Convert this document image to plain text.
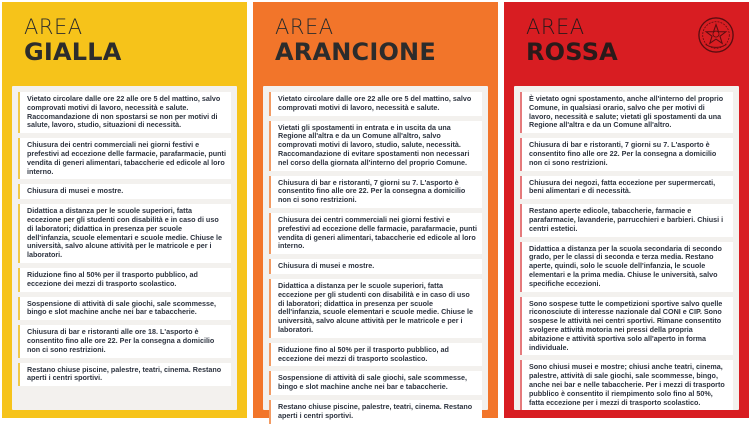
AREA
GIALLA
Vietato circolare dalle ore 22 alle ore 5 del mattino, salvo comprovati motivi di lavoro, necessità e salute. Raccomandazione di non spostarsi se non per motivi di salute, lavoro, studio, situazioni di necessità.
Chiusura dei centri commerciali nei giorni festivi e prefestivi ad eccezione delle farmacie, parafarmacie, punti vendita di generi alimentari, tabaccherie ed edicole al loro interno.
Chiusura di musei e mostre.
Didattica a distanza per le scuole superiori, fatta eccezione per gli studenti con disabilità e in caso di uso di laboratori; didattica in presenza per scuole dell'infanzia, scuole elementari e scuole medie. Chiuse le università, salvo alcune attività per le matricole e per i laboratori.
Riduzione fino al 50% per il trasporto pubblico, ad eccezione dei mezzi di trasporto scolastico.
Sospensione di attività di sale giochi, sale scommesse, bingo e slot machine anche nei bar e tabaccherie.
Chiusura di bar e ristoranti alle ore 18. L'asporto è consentito fino alle ore 22. Per la consegna a domicilio non ci sono restrizioni.
Restano chiuse piscine, palestre, teatri, cinema. Restano aperti i centri sportivi.
AREA
ARANCIONE
Vietato circolare dalle ore 22 alle ore 5 del mattino, salvo comprovati motivi di lavoro, necessità e salute.
Vietati gli spostamenti in entrata e in uscita da una Regione all'altra e da un Comune all'altro, salvo comprovati motivi di lavoro, studio, salute, necessità. Raccomandazione di evitare spostamenti non necessari nel corso della giornata all'interno del proprio Comune.
Chiusura di bar e ristoranti, 7 giorni su 7. L'asporto è consentito fino alle ore 22. Per la consegna a domicilio non ci sono restrizioni.
Chiusura dei centri commerciali nei giorni festivi e prefestivi ad eccezione delle farmacie, parafarmacie, punti vendita di generi alimentari, tabaccherie ed edicole al loro interno.
Chiusura di musei e mostre.
Didattica a distanza per le scuole superiori, fatta eccezione per gli studenti con disabilità e in caso di uso di laboratori; didattica in presenza per scuole dell'infanzia, scuole elementari e scuole medie. Chiuse le università, salvo alcune attività per le matricole e per i laboratori.
Riduzione fino al 50% per il trasporto pubblico, ad eccezione dei mezzi di trasporto scolastico.
Sospensione di attività di sale giochi, sale scommesse, bingo e slot machine anche nei bar e tabaccherie.
Restano chiuse piscine, palestre, teatri, cinema. Restano aperti i centri sportivi.
AREA
ROSSA
È vietato ogni spostamento, anche all'interno del proprio Comune, in qualsiasi orario, salvo che per motivi di lavoro, necessità e salute; vietati gli spostamenti da una Regione all'altra e da un Comune all'altro.
Chiusura di bar e ristoranti, 7 giorni su 7. L'asporto è consentito fino alle ore 22. Per la consegna a domicilio non ci sono restrizioni.
Chiusura dei negozi, fatta eccezione per supermercati, beni alimentari e di necessità.
Restano aperte edicole, tabaccherie, farmacie e parafarmacie, lavanderie, parrucchieri e barbieri. Chiusi i centri estetici.
Didattica a distanza per la scuola secondaria di secondo grado, per le classi di seconda e terza media. Restano aperte, quindi, solo le scuole dell'infanzia, le scuole elementari e la prima media. Chiuse le università, salvo specifiche eccezioni.
Sono sospese tutte le competizioni sportive salvo quelle riconosciute di interesse nazionale dal CONI e CIP. Sono sospese le attività nei centri sportivi. Rimane consentito svolgere attività motoria nei pressi della propria abitazione e attività sportiva solo all'aperto in forma individuale.
Sono chiusi musei e mostre; chiusi anche teatri, cinema, palestre, attività di sale giochi, sale scommesse, bingo, anche nei bar e nelle tabaccherie. Per i mezzi di trasporto pubblico è consentito il riempimento solo fino al 50%, fatta eccezione per i mezzi di trasporto scolastico.
